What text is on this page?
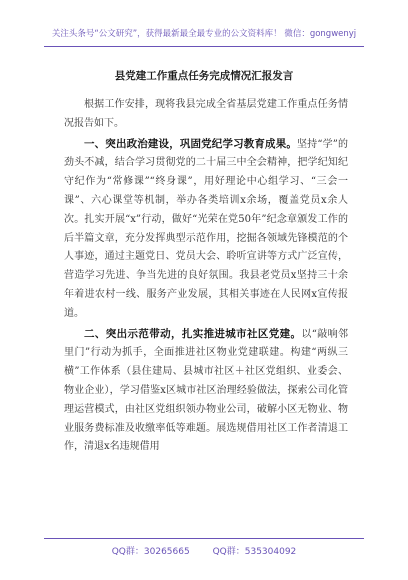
关注头条号“公文研究”，获得最新最全最专业的公文资料库！ 微信：gongwenyj
县党建工作重点任务完成情况汇报发言

根据工作安排，现将我县完成全省基层党建工作重点任务情况报告如下。

一、突出政治建设，巩固党纪学习教育成果。坚持“学”的劲头不减，结合学习贯彻党的二十届三中全会精神，把学纪知纪守纪作为“常修课”“终身课”，用好理论中心组学习、“三会一课”、六心课堂等机制，举办各类培训x余场，覆盖党员x余人次。扎实开展“x”行动，做好“光荣在党50年”纪念章颁发工作的后半篇文章，充分发挥典型示范作用，挖掘各领域先锋模范的个人事迹，通过主题党日、党员大会、聆听宣讲等方式广泛宣传，营造学习先进、争当先进的良好氛围。我县老党员x坚持三十余年着进农村一线、服务产业发展，其相关事迹在人民网x宣传报道。

二、突出示范带动，扎实推进城市社区党建。以“敲响邻里门”行动为抓手，全面推进社区物业党建联建。构建“两纵三横”工作体系（县住建局、县城市社区＋社区党组织、业委会、物业企业），学习借鉴x区城市社区治理经验做法，探索公司化管理运营模式，由社区党组织领办物业公司，破解小区无物业、物业服务费标准及收缴率低等难题。展选规借用社区工作者清退工作，清退x名违规借用

QQ群：30265665	QQ群：535304092
